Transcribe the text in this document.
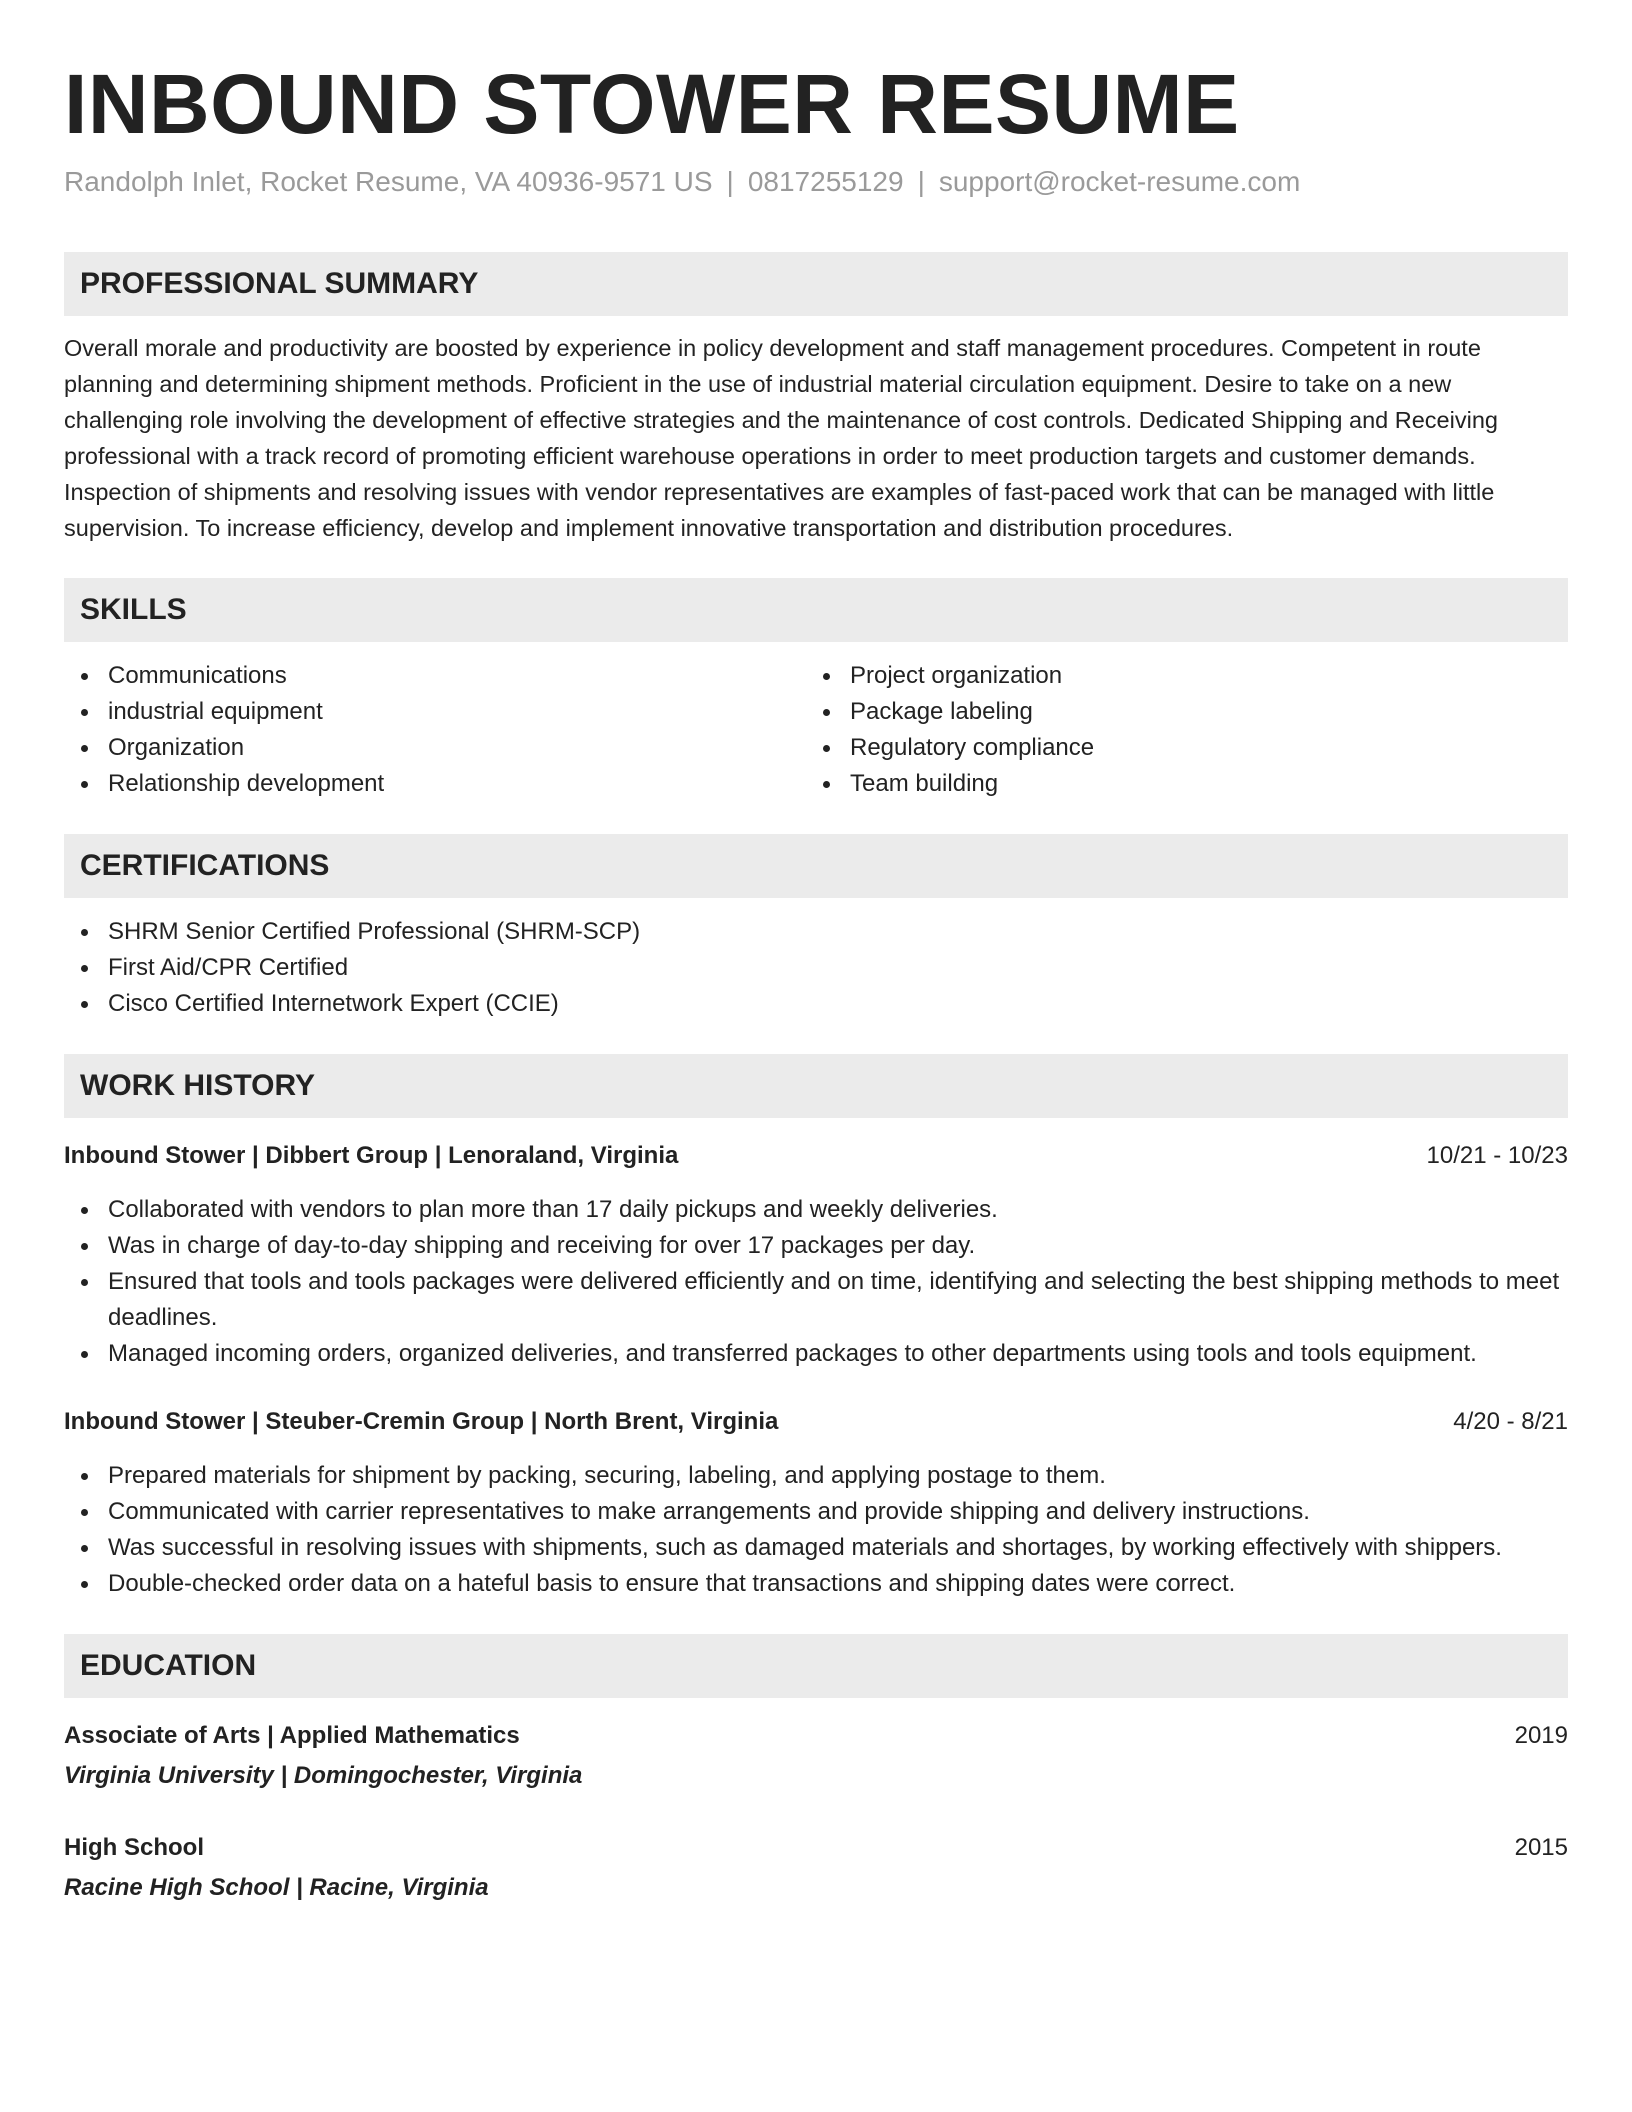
INBOUND STOWER RESUME
Randolph Inlet, Rocket Resume, VA 40936-9571 US | 0817255129 | support@rocket-resume.com
PROFESSIONAL SUMMARY

Overall morale and productivity are boosted by experience in policy development and staff management procedures. Competent in route planning and determining shipment methods. Proficient in the use of industrial material circulation equipment. Desire to take on a new challenging role involving the development of effective strategies and the maintenance of cost controls. Dedicated Shipping and Receiving professional with a track record of promoting efficient warehouse operations in order to meet production targets and customer demands. Inspection of shipments and resolving issues with vendor representatives are examples of fast-paced work that can be managed with little supervision. To increase efficiency, develop and implement innovative transportation and distribution procedures.

SKILLS
Communications
industrial equipment
Organization
Relationship development
Project organization
Package labeling
Regulatory compliance
Team building
CERTIFICATIONS
SHRM Senior Certified Professional (SHRM-SCP)
First Aid/CPR Certified
Cisco Certified Internetwork Expert (CCIE)
WORK HISTORY
Inbound Stower | Dibbert Group | Lenoraland, Virginia	10/21 - 10/23
Collaborated with vendors to plan more than 17 daily pickups and weekly deliveries.
Was in charge of day-to-day shipping and receiving for over 17 packages per day.
Ensured that tools and tools packages were delivered efficiently and on time, identifying and selecting the best shipping methods to meet deadlines.
Managed incoming orders, organized deliveries, and transferred packages to other departments using tools and tools equipment.
Inbound Stower | Steuber-Cremin Group | North Brent, Virginia	4/20 - 8/21
Prepared materials for shipment by packing, securing, labeling, and applying postage to them.
Communicated with carrier representatives to make arrangements and provide shipping and delivery instructions.
Was successful in resolving issues with shipments, such as damaged materials and shortages, by working effectively with shippers.
Double-checked order data on a hateful basis to ensure that transactions and shipping dates were correct.
EDUCATION
Associate of Arts | Applied Mathematics	2019
Virginia University | Domingochester, Virginia
High School	2015
Racine High School | Racine, Virginia
